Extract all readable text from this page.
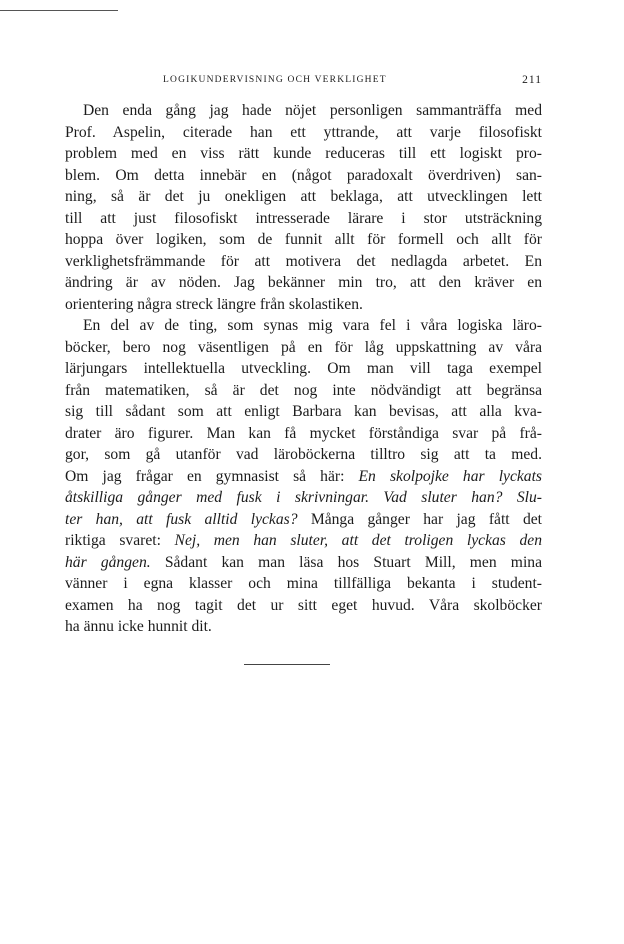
LOGIKUNDERVISNING OCH VERKLIGHET	211
Den enda gång jag hade nöjet personligen sammanträffa med
Prof. Aspelin, citerade han ett yttrande, att varje filosofiskt
problem med en viss rätt kunde reduceras till ett logiskt pro-
blem. Om detta innebär en (något paradoxalt överdriven) san-
ning, så är det ju onekligen att beklaga, att utvecklingen lett
till att just filosofiskt intresserade lärare i stor utsträckning
hoppa över logiken, som de funnit allt för formell och allt för
verklighetsfrämmande för att motivera det nedlagda arbetet. En
ändring är av nöden. Jag bekänner min tro, att den kräver en
orientering några streck längre från skolastiken.
En del av de ting, som synas mig vara fel i våra logiska läro-
böcker, bero nog väsentligen på en för låg uppskattning av våra
lärjungars intellektuella utveckling. Om man vill taga exempel
från matematiken, så är det nog inte nödvändigt att begränsa
sig till sådant som att enligt Barbara kan bevisas, att alla kva-
drater äro figurer. Man kan få mycket förståndiga svar på frå-
gor, som gå utanför vad läroböckerna tilltro sig att ta med.
Om jag frågar en gymnasist så här: En skolpojke har lyckats
åtskilliga gånger med fusk i skrivningar. Vad sluter han? Slu-
ter han, att fusk alltid lyckas? Många gånger har jag fått det
riktiga svaret: Nej, men han sluter, att det troligen lyckas den
här gången. Sådant kan man läsa hos Stuart Mill, men mina
vänner i egna klasser och mina tillfälliga bekanta i student-
examen ha nog tagit det ur sitt eget huvud. Våra skolböcker
ha ännu icke hunnit dit.
